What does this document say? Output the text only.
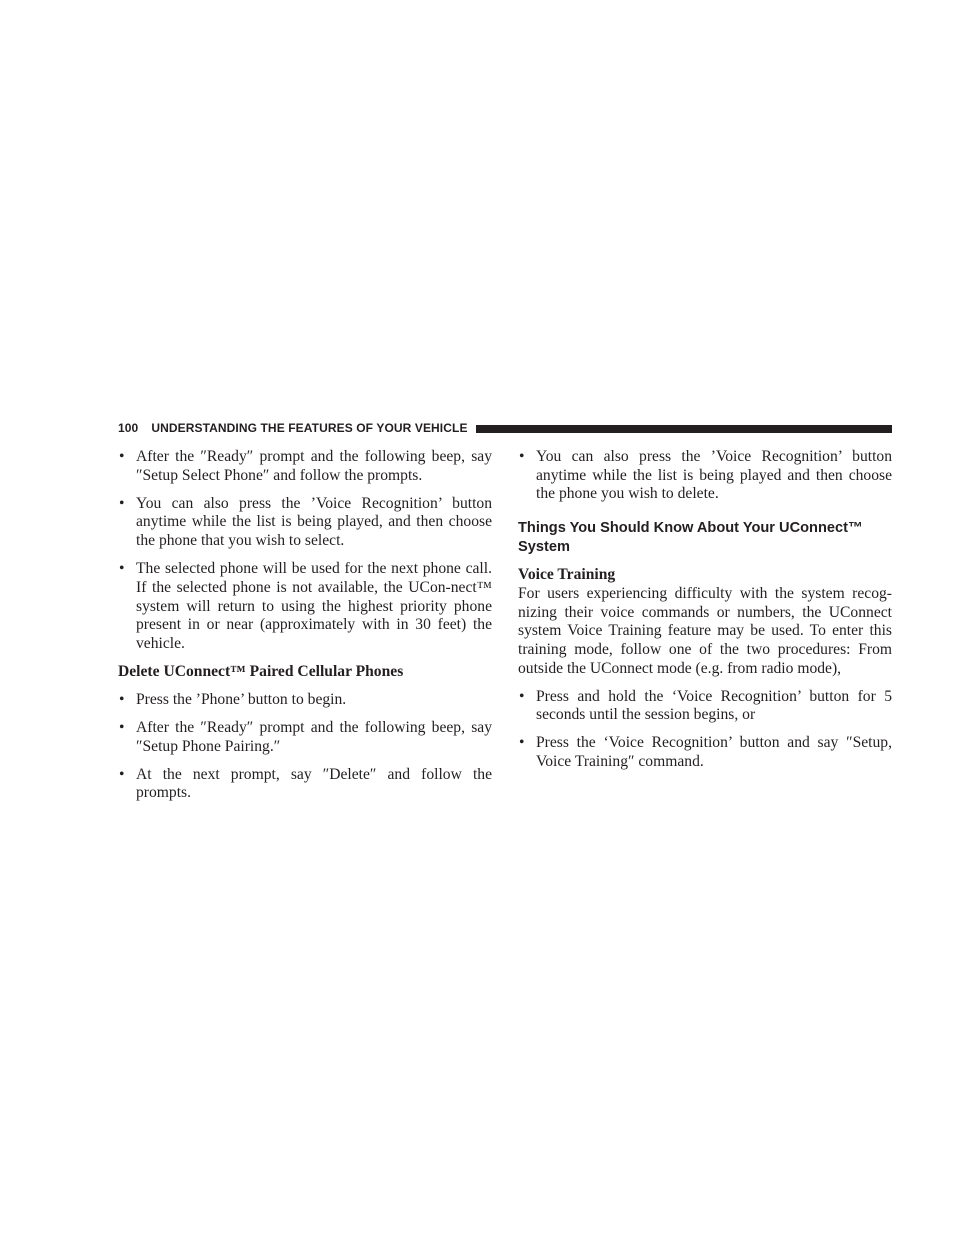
100 UNDERSTANDING THE FEATURES OF YOUR VEHICLE
• After the ″Ready″ prompt and the following beep, say ″Setup Select Phone″ and follow the prompts.
• You can also press the ’Voice Recognition’ button anytime while the list is being played, and then choose the phone that you wish to select.
• The selected phone will be used for the next phone call. If the selected phone is not available, the UCon-nect™ system will return to using the highest priority phone present in or near (approximately with in 30 feet) the vehicle.
Delete UConnect™ Paired Cellular Phones
• Press the ’Phone’ button to begin.
• After the ″Ready″ prompt and the following beep, say ″Setup Phone Pairing.″
• At the next prompt, say ″Delete″ and follow the prompts.
• You can also press the ’Voice Recognition’ button anytime while the list is being played and then choose the phone you wish to delete.
Things You Should Know About Your UConnect™ System
Voice Training
For users experiencing difficulty with the system recog-nizing their voice commands or numbers, the UConnect system Voice Training feature may be used. To enter this training mode, follow one of the two procedures: From outside the UConnect mode (e.g. from radio mode),
• Press and hold the ‘Voice Recognition’ button for 5 seconds until the session begins, or
• Press the ‘Voice Recognition’ button and say ″Setup, Voice Training″ command.
